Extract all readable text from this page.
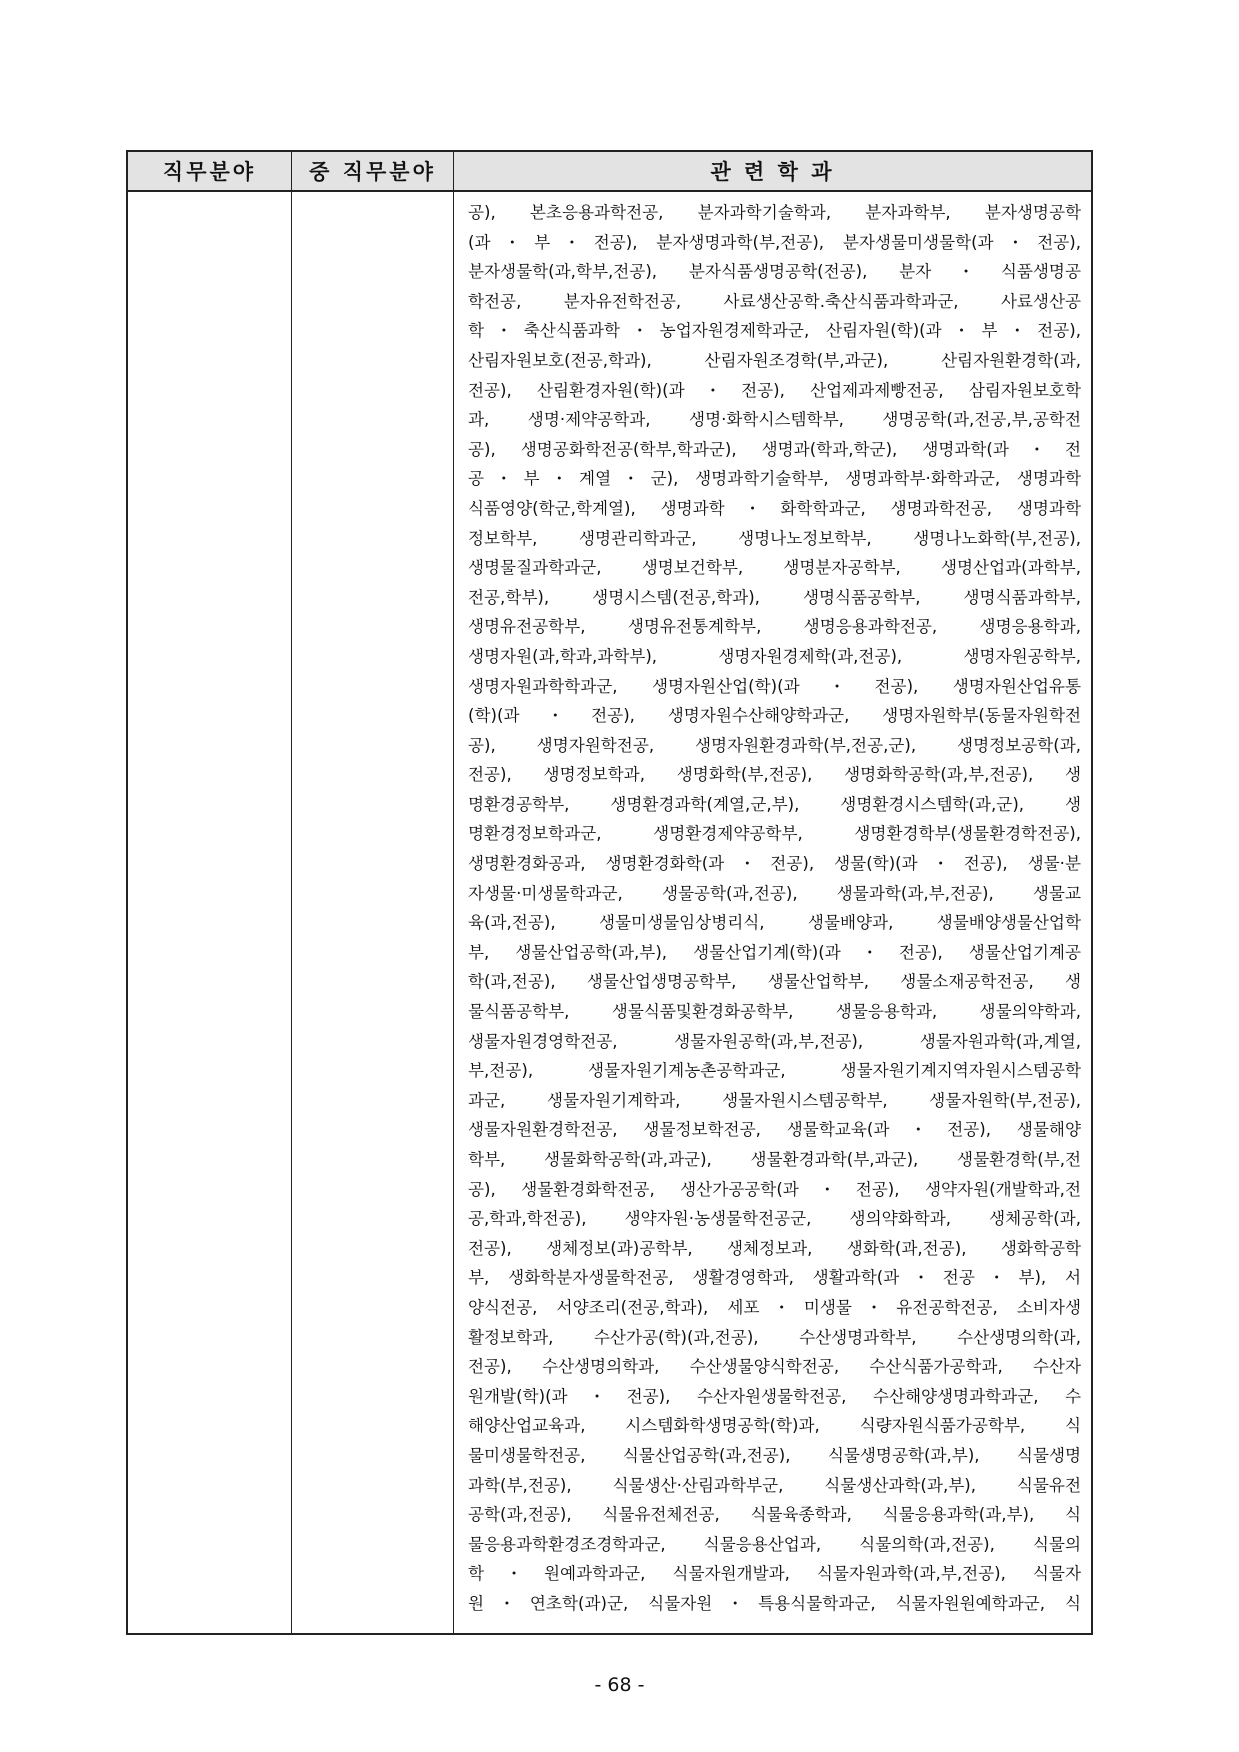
직무분야	중 직무분야	관 련 학 과
공), 본초응용과학전공, 분자과학기술학과, 분자과학부, 분자생명공학
(과・부・전공), 분자생명과학(부,전공), 분자생물미생물학(과・전공),
분자생물학(과,학부,전공), 분자식품생명공학(전공), 분자・식품생명공
학전공, 분자유전학전공, 사료생산공학.축산식품과학과군, 사료생산공
학・축산식품과학・농업자원경제학과군, 산림자원(학)(과・부・전공),
산림자원보호(전공,학과), 산림자원조경학(부,과군), 산림자원환경학(과,
전공), 산림환경자원(학)(과・전공), 산업제과제빵전공, 삼림자원보호학
과, 생명·제약공학과, 생명·화학시스템학부, 생명공학(과,전공,부,공학전
공), 생명공화학전공(학부,학과군), 생명과(학과,학군), 생명과학(과・전
공・부・계열・군), 생명과학기술학부, 생명과학부·화학과군, 생명과학
식품영양(학군,학계열), 생명과학・화학학과군, 생명과학전공, 생명과학
정보학부, 생명관리학과군, 생명나노정보학부, 생명나노화학(부,전공),
생명물질과학과군, 생명보건학부, 생명분자공학부, 생명산업과(과학부,
전공,학부), 생명시스템(전공,학과), 생명식품공학부, 생명식품과학부,
생명유전공학부, 생명유전통계학부, 생명응용과학전공, 생명응용학과,
생명자원(과,학과,과학부), 생명자원경제학(과,전공), 생명자원공학부,
생명자원과학학과군, 생명자원산업(학)(과・전공), 생명자원산업유통
(학)(과・전공), 생명자원수산해양학과군, 생명자원학부(동물자원학전
공), 생명자원학전공, 생명자원환경과학(부,전공,군), 생명정보공학(과,
전공), 생명정보학과, 생명화학(부,전공), 생명화학공학(과,부,전공), 생
명환경공학부, 생명환경과학(계열,군,부), 생명환경시스템학(과,군), 생
명환경정보학과군, 생명환경제약공학부, 생명환경학부(생물환경학전공),
생명환경화공과, 생명환경화학(과・전공), 생물(학)(과・전공), 생물·분
자생물·미생물학과군, 생물공학(과,전공), 생물과학(과,부,전공), 생물교
육(과,전공), 생물미생물임상병리식, 생물배양과, 생물배양생물산업학
부, 생물산업공학(과,부), 생물산업기계(학)(과・전공), 생물산업기계공
학(과,전공), 생물산업생명공학부, 생물산업학부, 생물소재공학전공, 생
물식품공학부, 생물식품및환경화공학부, 생물응용학과, 생물의약학과,
생물자원경영학전공, 생물자원공학(과,부,전공), 생물자원과학(과,계열,
부,전공), 생물자원기계농촌공학과군, 생물자원기계지역자원시스템공학
과군, 생물자원기계학과, 생물자원시스템공학부, 생물자원학(부,전공),
생물자원환경학전공, 생물정보학전공, 생물학교육(과・전공), 생물해양
학부, 생물화학공학(과,과군), 생물환경과학(부,과군), 생물환경학(부,전
공), 생물환경화학전공, 생산가공공학(과・전공), 생약자원(개발학과,전
공,학과,학전공), 생약자원·농생물학전공군, 생의약화학과, 생체공학(과,
전공), 생체정보(과)공학부, 생체정보과, 생화학(과,전공), 생화학공학
부, 생화학분자생물학전공, 생활경영학과, 생활과학(과・전공・부), 서
양식전공, 서양조리(전공,학과), 세포・미생물・유전공학전공, 소비자생
활정보학과, 수산가공(학)(과,전공), 수산생명과학부, 수산생명의학(과,
전공), 수산생명의학과, 수산생물양식학전공, 수산식품가공학과, 수산자
원개발(학)(과・전공), 수산자원생물학전공, 수산해양생명과학과군, 수
해양산업교육과, 시스템화학생명공학(학)과, 식량자원식품가공학부, 식
물미생물학전공, 식물산업공학(과,전공), 식물생명공학(과,부), 식물생명
과학(부,전공), 식물생산·산림과학부군, 식물생산과학(과,부), 식물유전
공학(과,전공), 식물유전체전공, 식물육종학과, 식물응용과학(과,부), 식
물응용과학환경조경학과군, 식물응용산업과, 식물의학(과,전공), 식물의
학・원예과학과군, 식물자원개발과, 식물자원과학(과,부,전공), 식물자
원・연초학(과)군, 식물자원・특용식물학과군, 식물자원원예학과군, 식
- 68 -
